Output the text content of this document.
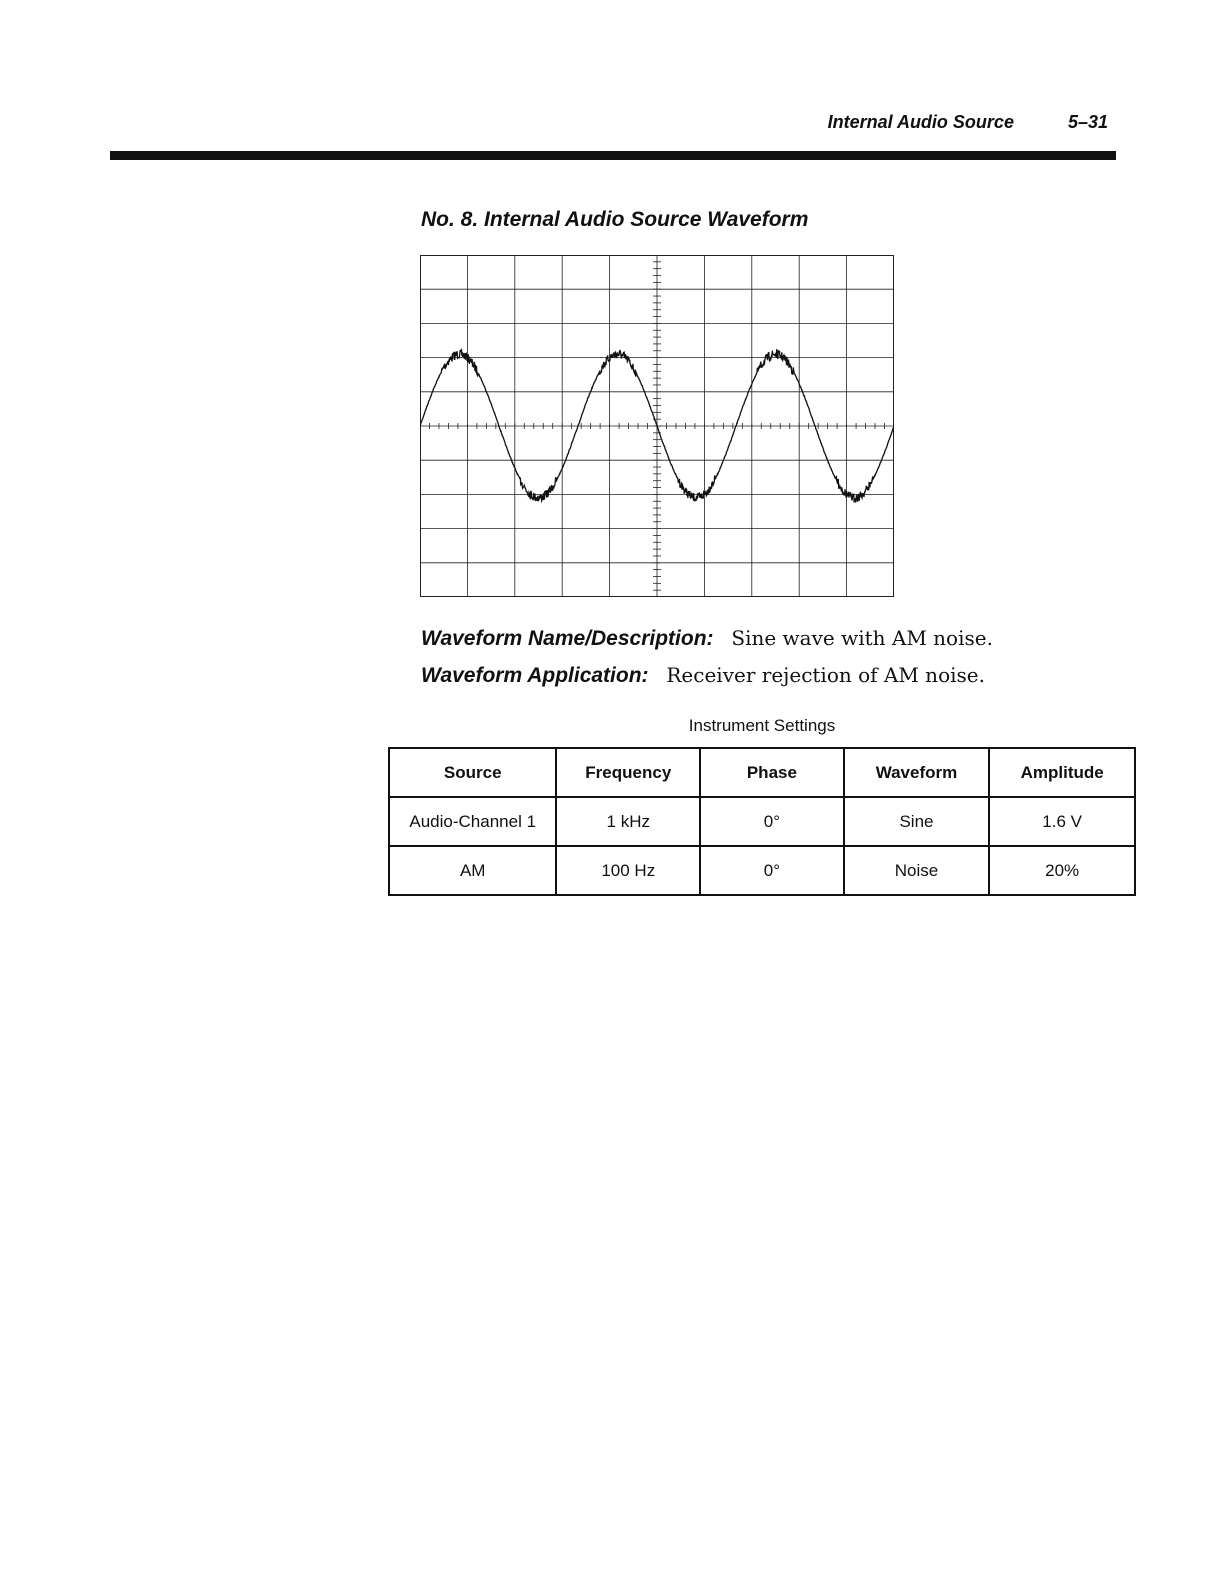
Internal Audio Source	5–31
No. 8. Internal Audio Source Waveform
Waveform Name/Description: Sine wave with AM noise.
Waveform Application: Receiver rejection of AM noise.
Instrument Settings
Source	Frequency	Phase	Waveform	Amplitude
Audio-Channel 1	1 kHz	0°	Sine	1.6 V
AM	100 Hz	0°	Noise	20%
